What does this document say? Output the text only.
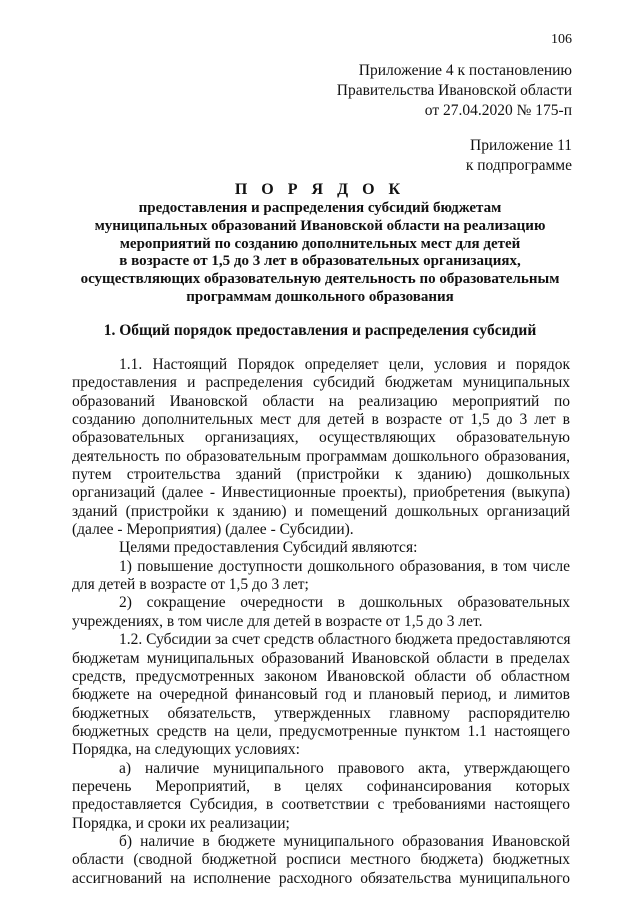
106
Приложение 4 к постановлению
Правительства Ивановской области
от 27.04.2020 № 175-п
Приложение 11
к подпрограмме
П О Р Я Д О К
предоставления и распределения субсидий бюджетам
муниципальных образований Ивановской области на реализацию
мероприятий по созданию дополнительных мест для детей
в возрасте от 1,5 до 3 лет в образовательных организациях,
осуществляющих образовательную деятельность по образовательным
программам дошкольного образования
1. Общий порядок предоставления и распределения субсидий
1.1. Настоящий Порядок определяет цели, условия и порядок
предоставления и распределения субсидий бюджетам муниципальных
образований Ивановской области на реализацию мероприятий по
созданию дополнительных мест для детей в возрасте от 1,5 до 3 лет в
образовательных организациях, осуществляющих образовательную
деятельность по образовательным программам дошкольного образования,
путем строительства зданий (пристройки к зданию) дошкольных
организаций (далее - Инвестиционные проекты), приобретения (выкупа)
зданий (пристройки к зданию) и помещений дошкольных организаций
(далее - Мероприятия) (далее - Субсидии).
Целями предоставления Субсидий являются:
1) повышение доступности дошкольного образования, в том числе
для детей в возрасте от 1,5 до 3 лет;
2) сокращение очередности в дошкольных образовательных
учреждениях, в том числе для детей в возрасте от 1,5 до 3 лет.
1.2. Субсидии за счет средств областного бюджета предоставляются
бюджетам муниципальных образований Ивановской области в пределах
средств, предусмотренных законом Ивановской области об областном
бюджете на очередной финансовый год и плановый период, и лимитов
бюджетных обязательств, утвержденных главному распорядителю
бюджетных средств на цели, предусмотренные пунктом 1.1 настоящего
Порядка, на следующих условиях:
а) наличие муниципального правового акта, утверждающего
перечень Мероприятий, в целях софинансирования которых
предоставляется Субсидия, в соответствии с требованиями настоящего
Порядка, и сроки их реализации;
б) наличие в бюджете муниципального образования Ивановской
области (сводной бюджетной росписи местного бюджета) бюджетных
ассигнований на исполнение расходного обязательства муниципального
